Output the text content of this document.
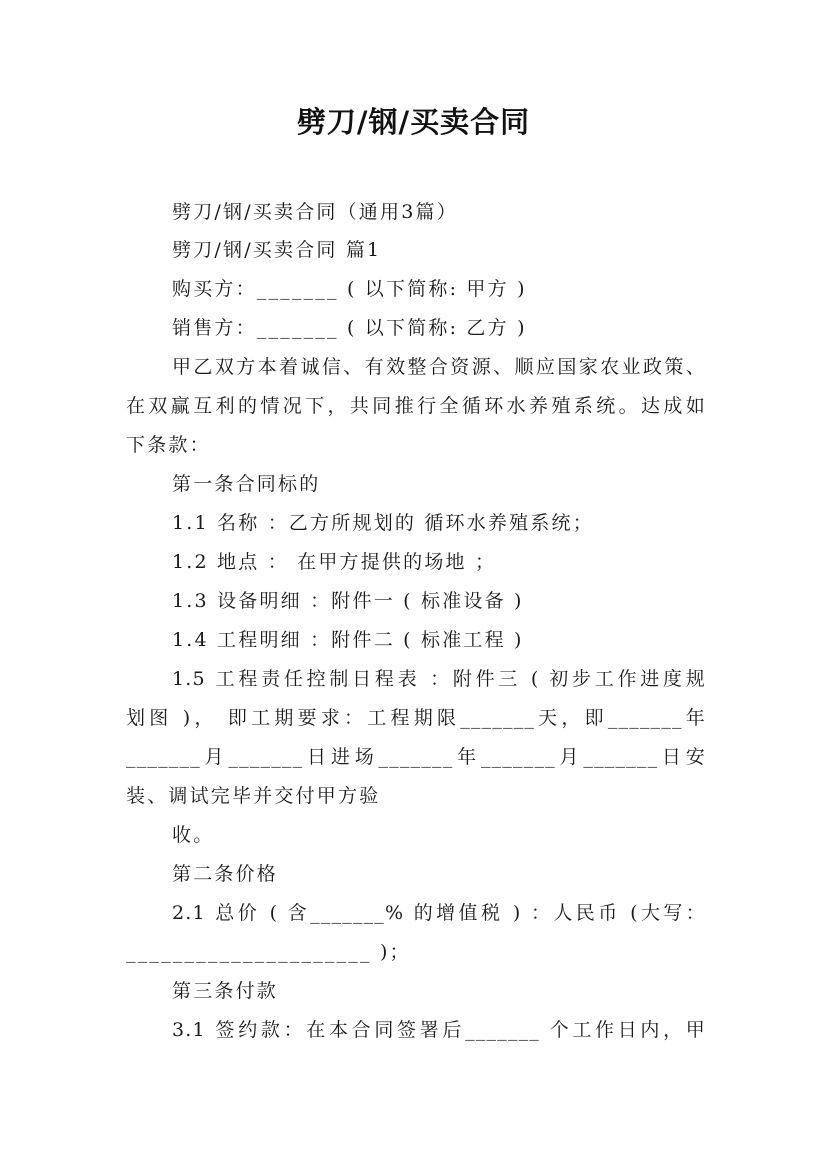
劈刀/钢/买卖合同
劈刀/钢/买卖合同（通用3篇）
劈刀/钢/买卖合同 篇1
购买方：_______ ( 以下简称: 甲方 )
销售方：_______ ( 以下简称: 乙方 )
甲乙双方本着诚信、有效整合资源、顺应国家农业政策、
在双赢互利的情况下，共同推行全循环水养殖系统。达成如
下条款：
第一条合同标的
1.1 名称 ：乙方所规划的 循环水养殖系统；
1.2 地点 ： 在甲方提供的场地 ；
1.3 设备明细 ：附件一 ( 标准设备 )
1.4 工程明细 ：附件二 ( 标准工程 )
1.5 工程责任控制日程表 ：附件三 ( 初步工作进度规
划图 )， 即工期要求：工程期限_______天，即_______年
_______月_______日进场_______年_______月_______日安
装、调试完毕并交付甲方验
收。
第二条价格
2.1 总价 ( 含_______% 的增值税 ) ：人民币 (大写：
_____________________ )；
第三条付款
3.1 签约款：在本合同签署后_______ 个工作日内，甲
